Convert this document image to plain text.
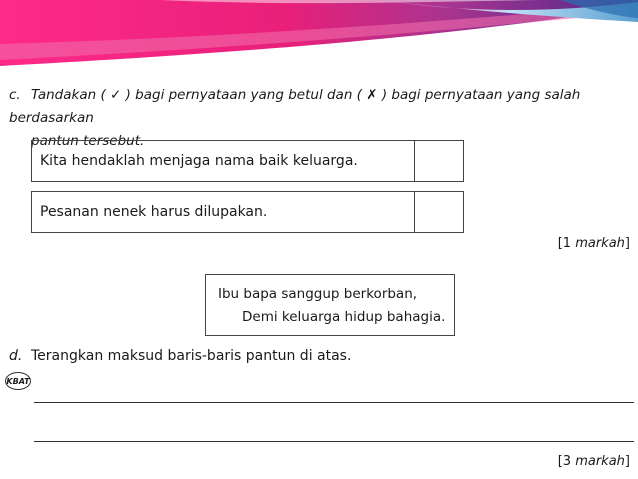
c. Tandakan ( ✓ ) bagi pernyataan yang betul dan ( ✗ ) bagi pernyataan yang salah berdasarkan
pantun tersebut.
Kita hendaklah menjaga nama baik keluarga.
Pesanan nenek harus dilupakan.
[1 markah]
Ibu bapa sanggup berkorban,
Demi keluarga hidup bahagia.
d. Terangkan maksud baris-baris pantun di atas.
KBAT
[3 markah]
